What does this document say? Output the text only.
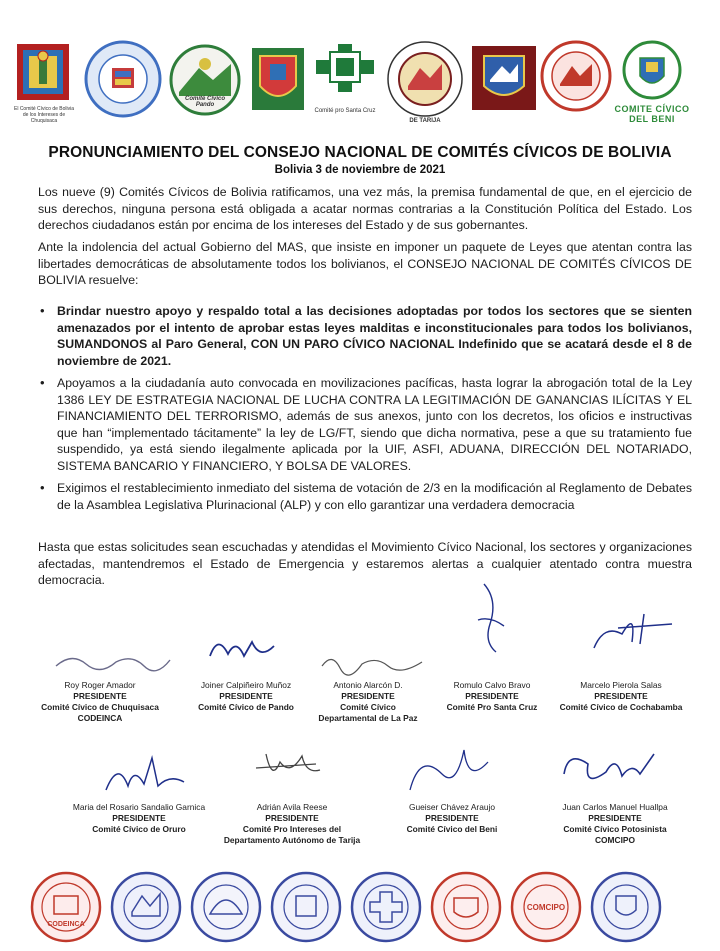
El Comité Cívico de Bolivia de los Intereses de Chuquisaca
Comité Cívico Pando
Comité pro Santa Cruz
DE TARIJA
COMITE CÍVICO
DEL BENI
PRONUNCIAMIENTO DEL CONSEJO NACIONAL DE COMITÉS CÍVICOS DE BOLIVIA
Bolivia 3 de noviembre de 2021
Los nueve (9) Comités Cívicos de Bolivia ratificamos, una vez más, la premisa fundamental de que, en el ejercicio de sus derechos, ninguna persona está obligada a acatar normas contrarias a la Constitución Política del Estado. Los derechos ciudadanos están por encima de los intereses del Estado y de sus gobernantes.
Ante la indolencia del actual Gobierno del MAS, que insiste en imponer un paquete de Leyes que atentan contra las libertades democráticas de absolutamente todos los bolivianos, el CONSEJO NACIONAL DE COMITÉS CÍVICOS DE BOLIVIA resuelve:
• Brindar nuestro apoyo y respaldo total a las decisiones adoptadas por todos los sectores que se sienten amenazados por el intento de aprobar estas leyes malditas e inconstitucionales para todos los bolivianos, SUMANDONOS al Paro General, CON UN PARO CÍVICO NACIONAL Indefinido que se acatará desde el 8 de noviembre de 2021.
• Apoyamos a la ciudadanía auto convocada en movilizaciones pacíficas, hasta lograr la abrogación total de la Ley 1386 LEY DE ESTRATEGIA NACIONAL DE LUCHA CONTRA LA LEGITIMACIÓN DE GANANCIAS ILÍCITAS Y EL FINANCIAMIENTO DEL TERRORISMO, además de sus anexos, junto con los decretos, los oficios e instructivas que han “implementado tácitamente” la ley de LG/FT, siendo que dicha normativa, pese a que su tratamiento fue suspendido, ya está siendo ilegalmente aplicada por la UIF, ASFI, ADUANA, DIRECCIÓN DEL NOTARIADO, SISTEMA BANCARIO Y FINANCIERO, Y BOLSA DE VALORES.
• Exigimos el restablecimiento inmediato del sistema de votación de 2/3 en la modificación al Reglamento de Debates de la Asamblea Legislativa Plurinacional (ALP) y con ello garantizar una verdadera democracia
Hasta que estas solicitudes sean escuchadas y atendidas el Movimiento Cívico Nacional, los sectores y organizaciones afectadas, mantendremos el Estado de Emergencia y estaremos alertas a cualquier atentado contra muestra democracia.
Roy Roger Amador
PRESIDENTE
Comité Cívico de Chuquisaca
CODEINCA
Joiner Calpiñeiro Muñoz
PRESIDENTE
Comité Cívico de Pando
Antonio Alarcón D.
PRESIDENTE
Comité Cívico
Departamental de La Paz
Romulo Calvo Bravo
PRESIDENTE
Comité Pro Santa Cruz
Marcelo Pierola Salas
PRESIDENTE
Comité Cívico de Cochabamba
Maria del Rosario Sandalio Garnica
PRESIDENTE
Comité Cívico de Oruro
Adrián Avila Reese
PRESIDENTE
Comité Pro Intereses del
Departamento Autónomo de Tarija
Gueiser Chávez Araujo
PRESIDENTE
Comité Cívico del Beni
Juan Carlos Manuel Huallpa
PRESIDENTE
Comité Cívico Potosinista
COMCIPO
CODEINCA
COMCIPO
